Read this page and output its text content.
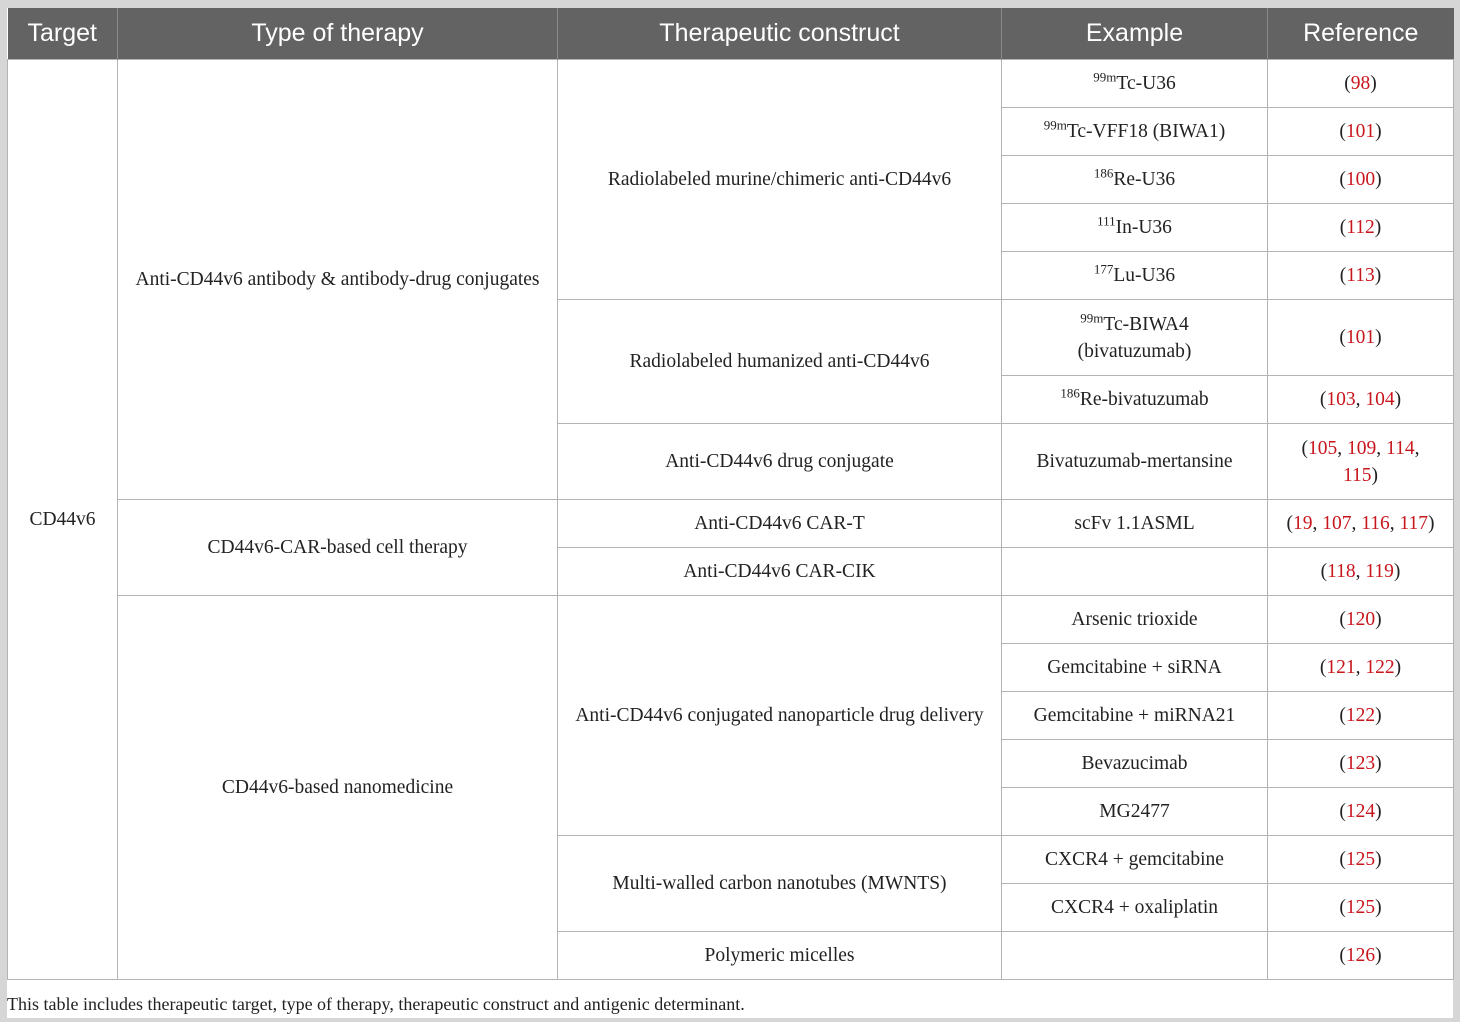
Target	Type of therapy	Therapeutic construct	Example	Reference
CD44v6	Anti-CD44v6 antibody & antibody-drug conjugates	Radiolabeled murine/chimeric anti-CD44v6	$^{99m}$Tc-U36	(98)
			$^{99m}$Tc-VFF18 (BIWA1)	(101)
			$^{186}$Re-U36	(100)
			$^{111}$In-U36	(112)
			$^{177}$Lu-U36	(113)
		Radiolabeled humanized anti-CD44v6	$^{99m}$Tc-BIWA4 (bivatuzumab)	(101)
			$^{186}$Re-bivatuzumab	(103, 104)
		Anti-CD44v6 drug conjugate	Bivatuzumab-mertansine	(105, 109, 114, 115)
	CD44v6-CAR-based cell therapy	Anti-CD44v6 CAR-T	scFv 1.1ASML	(19, 107, 116, 117)
		Anti-CD44v6 CAR-CIK		(118, 119)
	CD44v6-based nanomedicine	Anti-CD44v6 conjugated nanoparticle drug delivery	Arsenic trioxide	(120)
			Gemcitabine + siRNA	(121, 122)
			Gemcitabine + miRNA21	(122)
			Bevazucimab	(123)
			MG2477	(124)
		Multi-walled carbon nanotubes (MWNTS)	CXCR4 + gemcitabine	(125)
			CXCR4 + oxaliplatin	(125)
		Polymeric micelles		(126)
This table includes therapeutic target, type of therapy, therapeutic construct and antigenic determinant.
